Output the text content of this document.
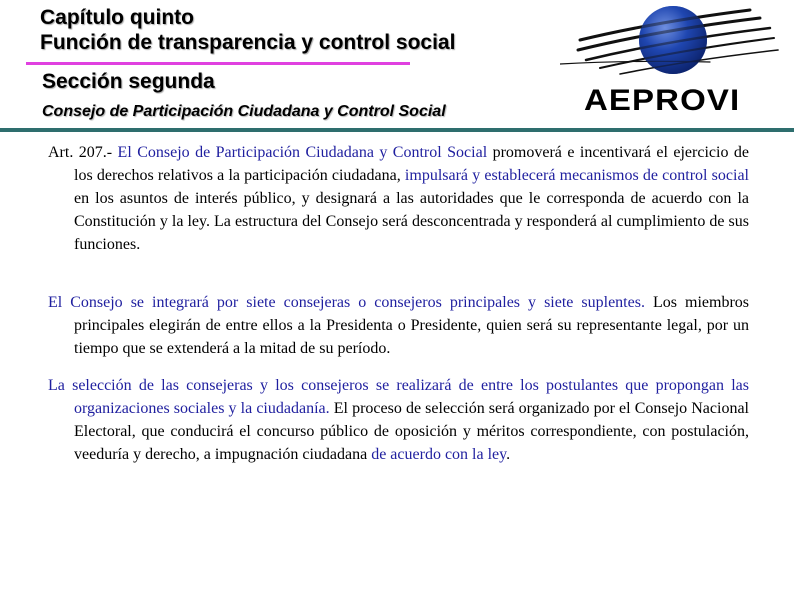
Capítulo quinto
Función de transparencia y control social
Sección segunda
Consejo de Participación Ciudadana y Control Social	AEPROVI

Art. 207.- El Consejo de Participación Ciudadana y Control Social promoverá e incentivará el ejercicio de los derechos relativos a la participación ciudadana, impulsará y establecerá mecanismos de control social en los asuntos de interés público, y designará a las autoridades que le corresponda de acuerdo con la Constitución y la ley. La estructura del Consejo será desconcentrada y responderá al cumplimiento de sus funciones.

El Consejo se integrará por siete consejeras o consejeros principales y siete suplentes. Los miembros principales elegirán de entre ellos a la Presidenta o Presidente, quien será su representante legal, por un tiempo que se extenderá a la mitad de su período.

La selección de las consejeras y los consejeros se realizará de entre los postulantes que propongan las organizaciones sociales y la ciudadanía. El proceso de selección será organizado por el Consejo Nacional Electoral, que conducirá el concurso público de oposición y méritos correspondiente, con postulación, veeduría y derecho, a impugnación ciudadana de acuerdo con la ley.
